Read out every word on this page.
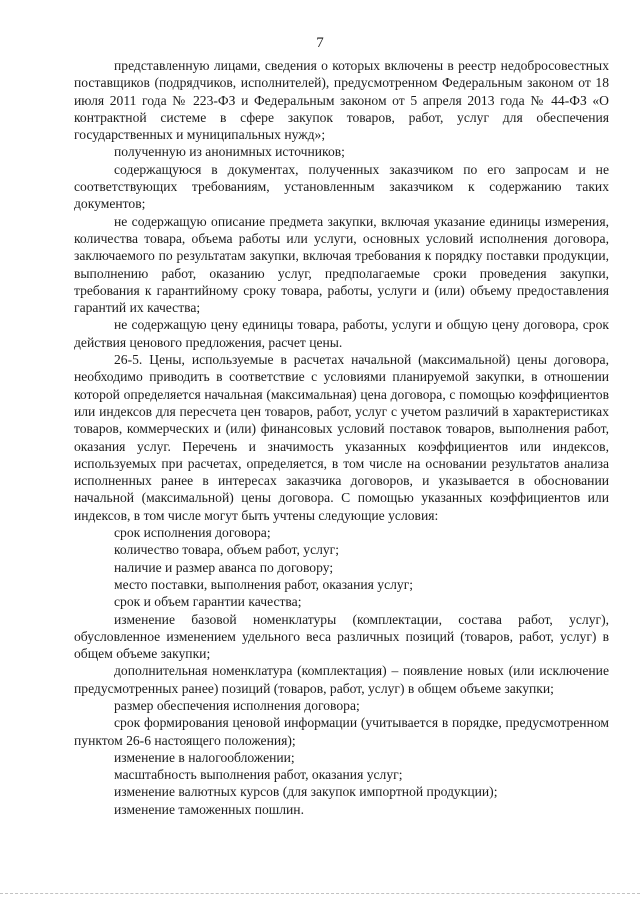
7

представленную лицами, сведения о которых включены в реестр недобросовестных поставщиков (подрядчиков, исполнителей), предусмотренном Федеральным законом от 18 июля 2011 года № 223-ФЗ и Федеральным законом от 5 апреля 2013 года № 44-ФЗ «О контрактной системе в сфере закупок товаров, работ, услуг для обеспечения государственных и муниципальных нужд»;

полученную из анонимных источников;

содержащуюся в документах, полученных заказчиком по его запросам и не соответствующих требованиям, установленным заказчиком к содержанию таких документов;

не содержащую описание предмета закупки, включая указание единицы измерения, количества товара, объема работы или услуги, основных условий исполнения договора, заключаемого по результатам закупки, включая требования к порядку поставки продукции, выполнению работ, оказанию услуг, предполагаемые сроки проведения закупки, требования к гарантийному сроку товара, работы, услуги и (или) объему предоставления гарантий их качества;

не содержащую цену единицы товара, работы, услуги и общую цену договора, срок действия ценового предложения, расчет цены.

26-5. Цены, используемые в расчетах начальной (максимальной) цены договора, необходимо приводить в соответствие с условиями планируемой закупки, в отношении которой определяется начальная (максимальная) цена договора, с помощью коэффициентов или индексов для пересчета цен товаров, работ, услуг с учетом различий в характеристиках товаров, коммерческих и (или) финансовых условий поставок товаров, выполнения работ, оказания услуг. Перечень и значимость указанных коэффициентов или индексов, используемых при расчетах, определяется, в том числе на основании результатов анализа исполненных ранее в интересах заказчика договоров, и указывается в обосновании начальной (максимальной) цены договора. С помощью указанных коэффициентов или индексов, в том числе могут быть учтены следующие условия:

срок исполнения договора;

количество товара, объем работ, услуг;

наличие и размер аванса по договору;

место поставки, выполнения работ, оказания услуг;

срок и объем гарантии качества;

изменение базовой номенклатуры (комплектации, состава работ, услуг), обусловленное изменением удельного веса различных позиций (товаров, работ, услуг) в общем объеме закупки;

дополнительная номенклатура (комплектация) – появление новых (или исключение предусмотренных ранее) позиций (товаров, работ, услуг) в общем объеме закупки;

размер обеспечения исполнения договора;

срок формирования ценовой информации (учитывается в порядке, предусмотренном пунктом 26-6 настоящего положения);

изменение в налогообложении;

масштабность выполнения работ, оказания услуг;

изменение валютных курсов (для закупок импортной продукции);

изменение таможенных пошлин.
